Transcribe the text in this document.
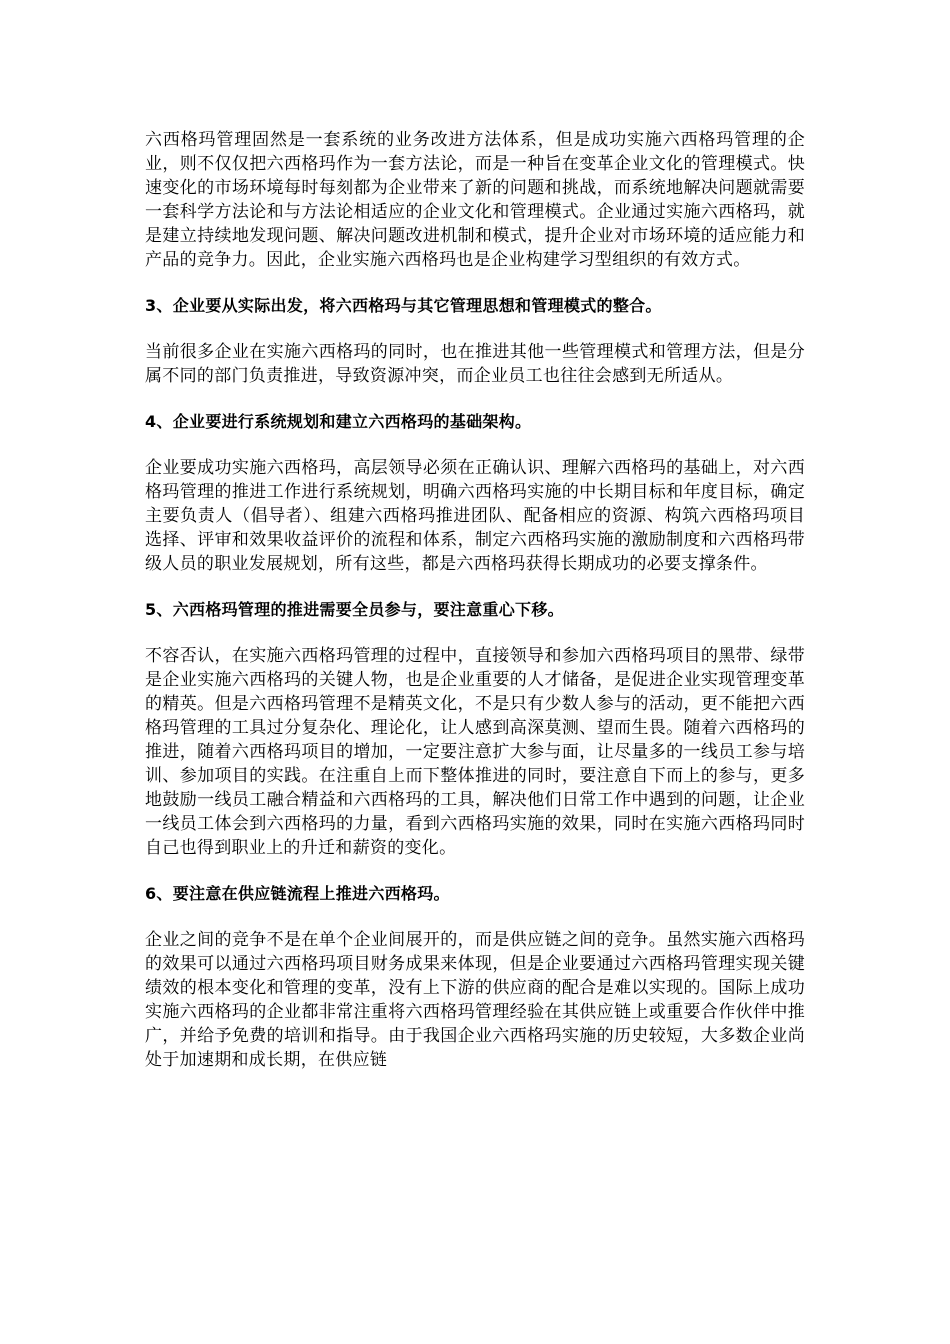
六西格玛管理固然是一套系统的业务改进方法体系，但是成功实施六西格玛管理的企业，则不仅仅把六西格玛作为一套方法论，而是一种旨在变革企业文化的管理模式。快速变化的市场环境每时每刻都为企业带来了新的问题和挑战，而系统地解决问题就需要一套科学方法论和与方法论相适应的企业文化和管理模式。企业通过实施六西格玛，就是建立持续地发现问题、解决问题改进机制和模式，提升企业对市场环境的适应能力和产品的竞争力。因此，企业实施六西格玛也是企业构建学习型组织的有效方式。

3、企业要从实际出发，将六西格玛与其它管理思想和管理模式的整合。

当前很多企业在实施六西格玛的同时，也在推进其他一些管理模式和管理方法，但是分属不同的部门负责推进，导致资源冲突，而企业员工也往往会感到无所适从。

4、企业要进行系统规划和建立六西格玛的基础架构。

企业要成功实施六西格玛，高层领导必须在正确认识、理解六西格玛的基础上，对六西格玛管理的推进工作进行系统规划，明确六西格玛实施的中长期目标和年度目标，确定主要负责人（倡导者）、组建六西格玛推进团队、配备相应的资源、构筑六西格玛项目选择、评审和效果收益评价的流程和体系，制定六西格玛实施的激励制度和六西格玛带级人员的职业发展规划，所有这些，都是六西格玛获得长期成功的必要支撑条件。

5、六西格玛管理的推进需要全员参与，要注意重心下移。

不容否认，在实施六西格玛管理的过程中，直接领导和参加六西格玛项目的黑带、绿带是企业实施六西格玛的关键人物，也是企业重要的人才储备，是促进企业实现管理变革的精英。但是六西格玛管理不是精英文化，不是只有少数人参与的活动，更不能把六西格玛管理的工具过分复杂化、理论化，让人感到高深莫测、望而生畏。随着六西格玛的推进，随着六西格玛项目的增加，一定要注意扩大参与面，让尽量多的一线员工参与培训、参加项目的实践。在注重自上而下整体推进的同时，要注意自下而上的参与，更多地鼓励一线员工融合精益和六西格玛的工具，解决他们日常工作中遇到的问题，让企业一线员工体会到六西格玛的力量，看到六西格玛实施的效果，同时在实施六西格玛同时自己也得到职业上的升迁和薪资的变化。

6、要注意在供应链流程上推进六西格玛。

企业之间的竞争不是在单个企业间展开的，而是供应链之间的竞争。虽然实施六西格玛的效果可以通过六西格玛项目财务成果来体现，但是企业要通过六西格玛管理实现关键绩效的根本变化和管理的变革，没有上下游的供应商的配合是难以实现的。国际上成功实施六西格玛的企业都非常注重将六西格玛管理经验在其供应链上或重要合作伙伴中推广，并给予免费的培训和指导。由于我国企业六西格玛实施的历史较短，大多数企业尚处于加速期和成长期，在供应链
